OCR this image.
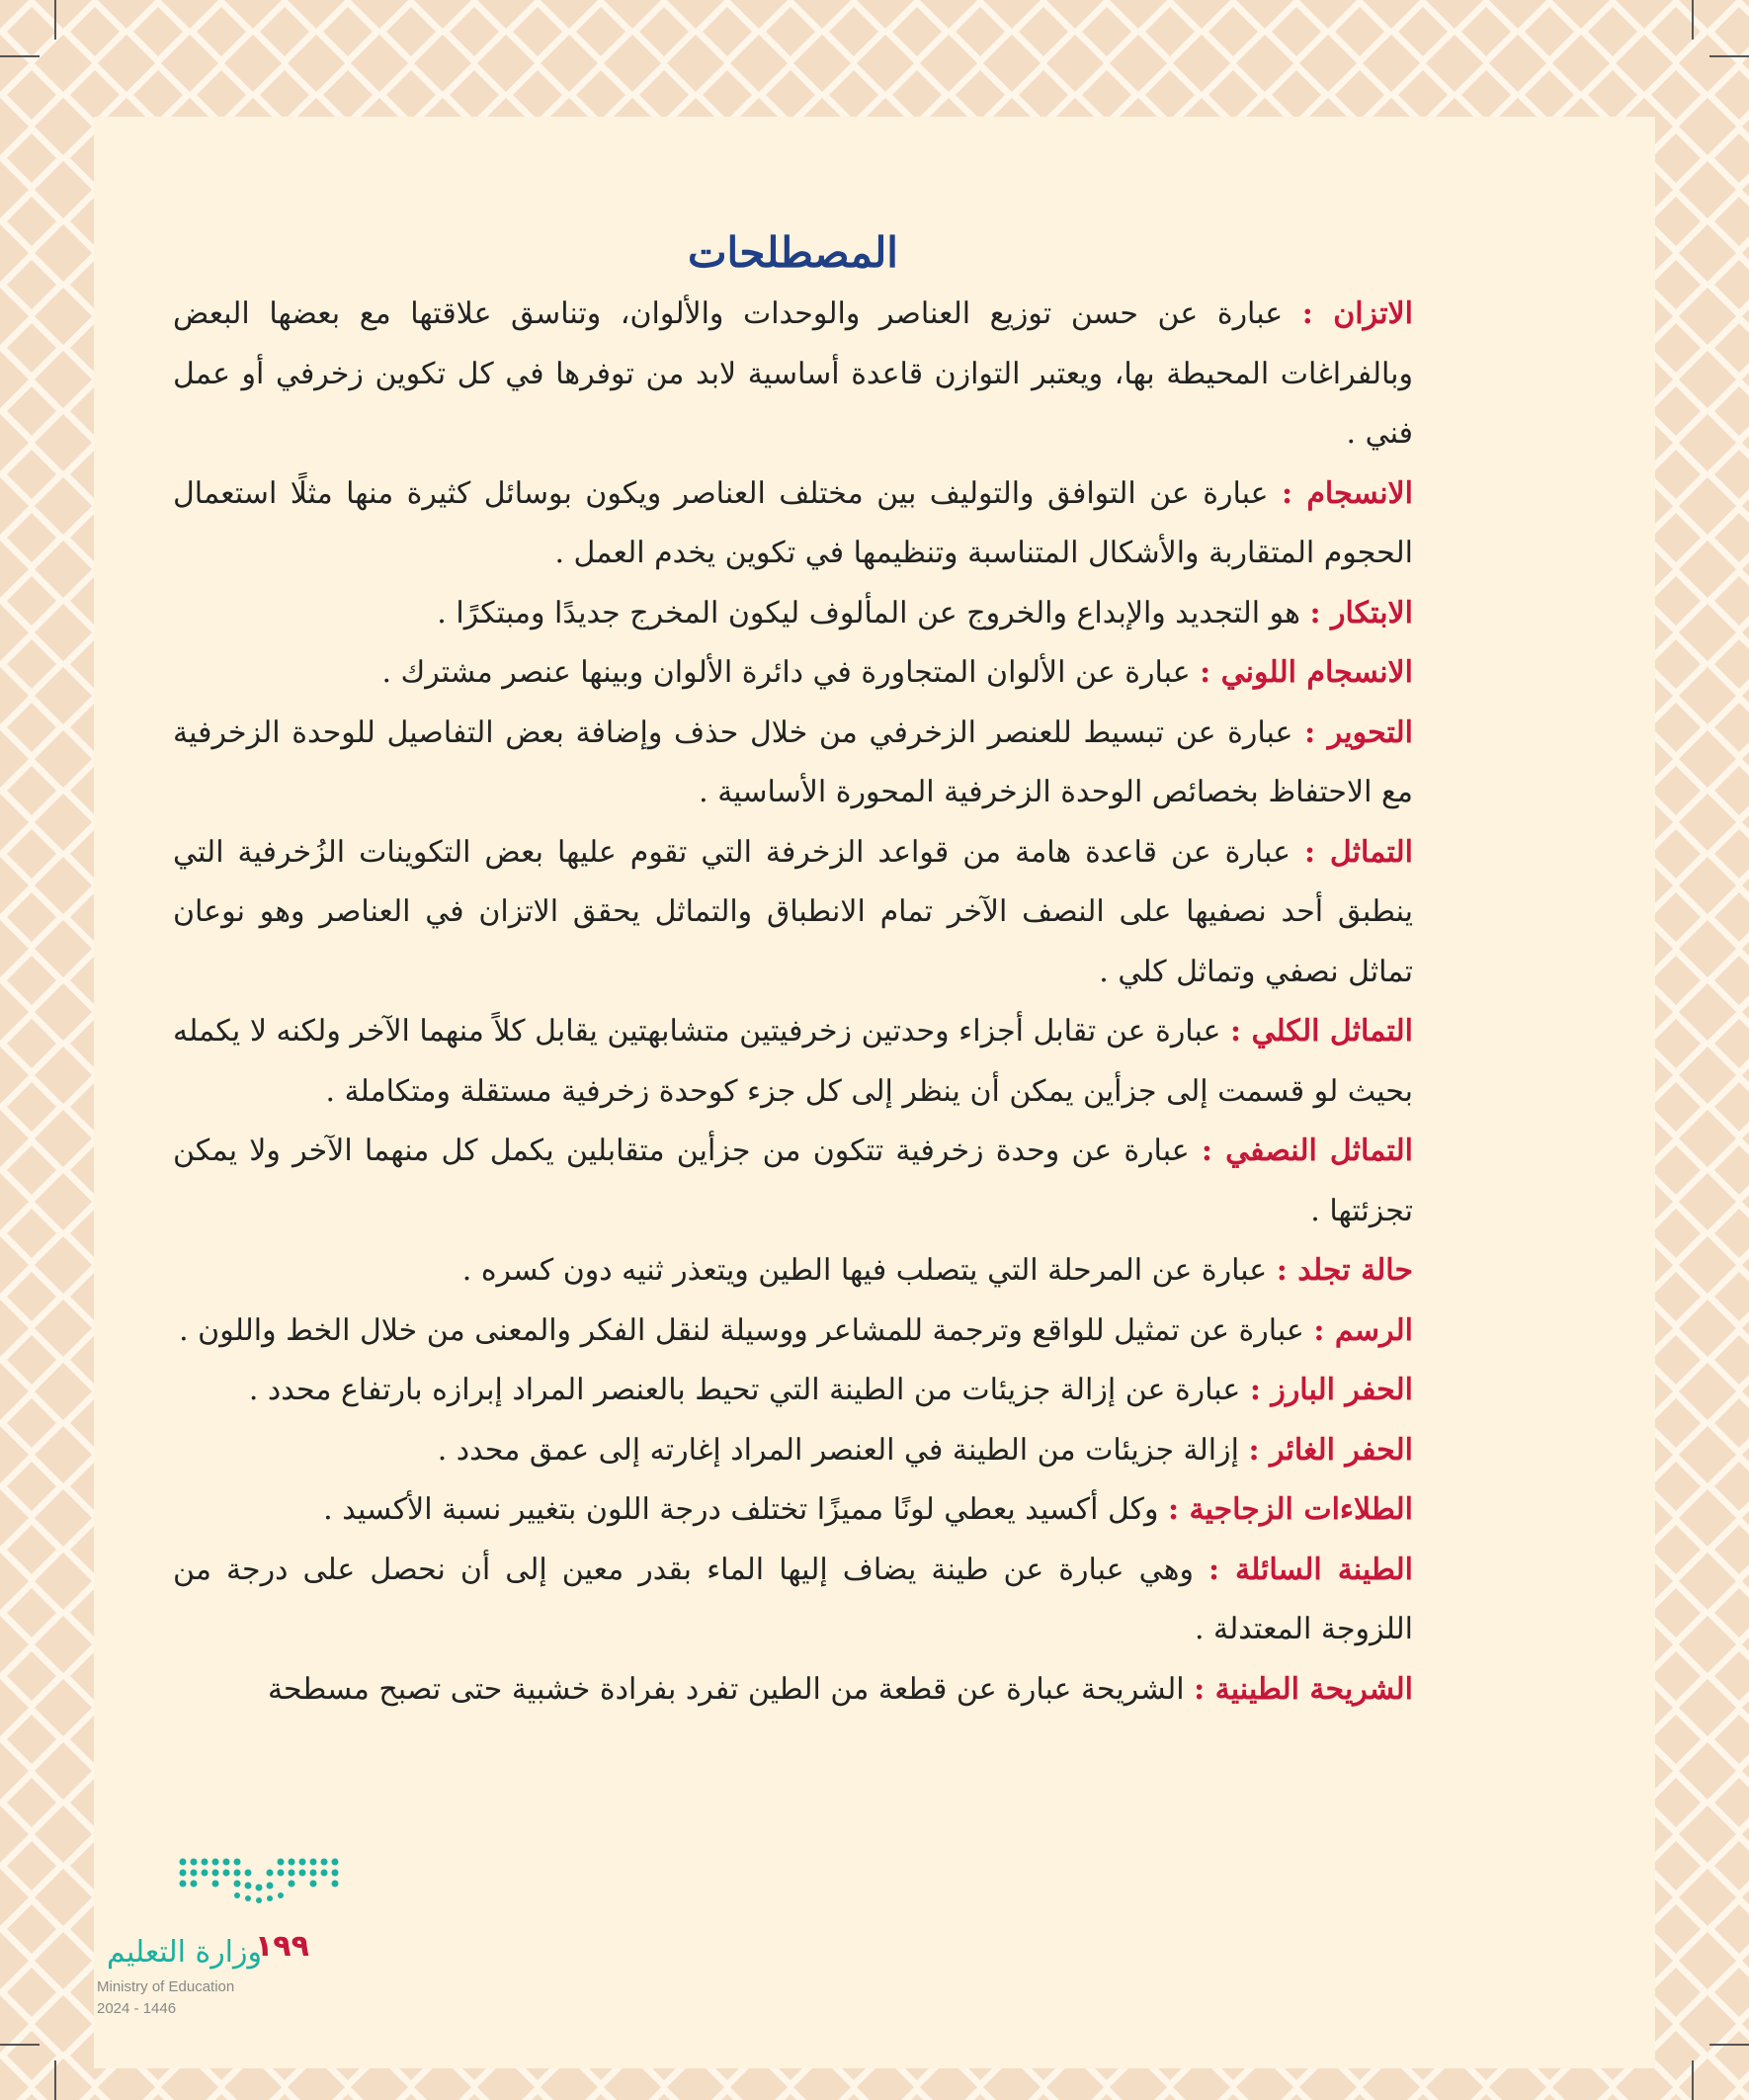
المصطلحات

الاتزان : عبارة عن حسن توزيع العناصر والوحدات والألوان، وتناسق علاقتها مع بعضها البعض وبالفراغات المحيطة بها، ويعتبر التوازن قاعدة أساسية لابد من توفرها في كل تكوين زخرفي أو عمل فني .

الانسجام : عبارة عن التوافق والتوليف بين مختلف العناصر ويكون بوسائل كثيرة منها مثلًا استعمال الحجوم المتقاربة والأشكال المتناسبة وتنظيمها في تكوين يخدم العمل .

الابتكار : هو التجديد والإبداع والخروج عن المألوف ليكون المخرج جديدًا ومبتكرًا .

الانسجام اللوني : عبارة عن الألوان المتجاورة في دائرة الألوان وبينها عنصر مشترك .

التحوير : عبارة عن تبسيط للعنصر الزخرفي من خلال حذف وإضافة بعض التفاصيل للوحدة الزخرفية مع الاحتفاظ بخصائص الوحدة الزخرفية المحورة الأساسية .

التماثل : عبارة عن قاعدة هامة من قواعد الزخرفة التي تقوم عليها بعض التكوينات الزُخرفية التي ينطبق أحد نصفيها على النصف الآخر تمام الانطباق والتماثل يحقق الاتزان في العناصر وهو نوعان تماثل نصفي وتماثل كلي .

التماثل الكلي : عبارة عن تقابل أجزاء وحدتين زخرفيتين متشابهتين يقابل كلاً منهما الآخر ولكنه لا يكمله بحيث لو قسمت إلى جزأين يمكن أن ينظر إلى كل جزء كوحدة زخرفية مستقلة ومتكاملة .

التماثل النصفي : عبارة عن وحدة زخرفية تتكون من جزأين متقابلين يكمل كل منهما الآخر ولا يمكن تجزئتها .

حالة تجلد : عبارة عن المرحلة التي يتصلب فيها الطين ويتعذر ثنيه دون كسره .

الرسم : عبارة عن تمثيل للواقع وترجمة للمشاعر ووسيلة لنقل الفكر والمعنى من خلال الخط واللون .

الحفر البارز : عبارة عن إزالة جزيئات من الطينة التي تحيط بالعنصر المراد إبرازه بارتفاع محدد .

الحفر الغائر : إزالة جزيئات من الطينة في العنصر المراد إغارته إلى عمق محدد .

الطلاءات الزجاجية : وكل أكسيد يعطي لونًا مميزًا تختلف درجة اللون بتغيير نسبة الأكسيد .

الطينة السائلة : وهي عبارة عن طينة يضاف إليها الماء بقدر معين إلى أن نحصل على درجة من اللزوجة المعتدلة .

الشريحة الطينية : الشريحة عبارة عن قطعة من الطين تفرد بفرادة خشبية حتى تصبح مسطحة

وزارة التعليم
Ministry of Education
2024 - 1446
١٩٩
